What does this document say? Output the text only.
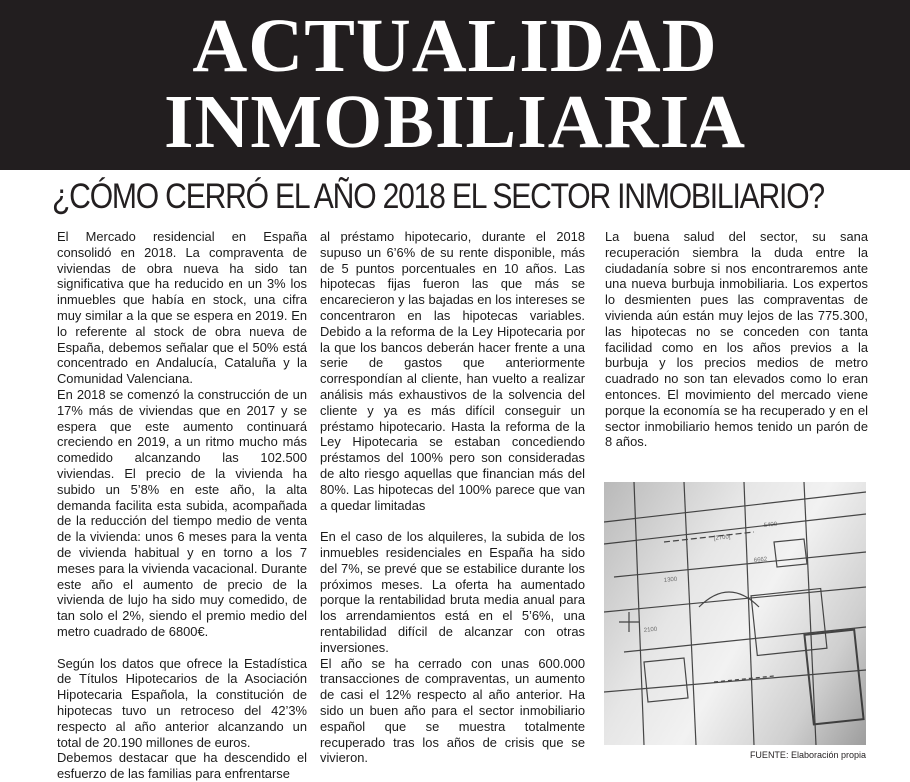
ACTUALIDAD
INMOBILIARIA
¿CÓMO CERRÓ EL AÑO 2018 EL SECTOR INMOBILIARIO?

El Mercado residencial en España consolidó en 2018. La compraventa de viviendas de obra nueva ha sido tan significativa que ha reducido en un 3% los inmuebles que había en stock, una cifra muy similar a la que se espera en 2019. En lo referente al stock de obra nueva de España, debemos señalar que el 50% está concentrado en Andalucía, Cataluña y la Comunidad Valenciana.

En 2018 se comenzó la construcción de un 17% más de viviendas que en 2017 y se espera que este aumento continuará creciendo en 2019, a un ritmo mucho más comedido alcanzando las 102.500 viviendas. El precio de la vivienda ha subido un 5’8% en este año, la alta demanda facilita esta subida, acompañada de la reducción del tiempo medio de venta de la vivienda: unos 6 meses para la venta de vivienda habitual y en torno a los 7 meses para la vivienda vacacional. Durante este año el aumento de precio de la vivienda de lujo ha sido muy comedido, de tan solo el 2%, siendo el premio medio del metro cuadrado de 6800€.

Según los datos que ofrece la Estadística de Títulos Hipotecarios de la Asociación Hipotecaria Española, la constitución de hipotecas tuvo un retroceso del 42’3% respecto al año anterior alcanzando un total de 20.190 millones de euros.

Debemos destacar que ha descendido el esfuerzo de las familias para enfrentarse

al préstamo hipotecario, durante el 2018 supuso un 6’6% de su rente disponible, más de 5 puntos porcentuales en 10 años. Las hipotecas fijas fueron las que más se encarecieron y las bajadas en los intereses se concentraron en las hipotecas variables. Debido a la reforma de la Ley Hipotecaria por la que los bancos deberán hacer frente a una serie de gastos que anteriormente correspondían al cliente, han vuelto a realizar análisis más exhaustivos de la solvencia del cliente y ya es más difícil conseguir un préstamo hipotecario. Hasta la reforma de la Ley Hipotecaria se estaban concediendo préstamos del 100% pero son consideradas de alto riesgo aquellas que financian más del 80%. Las hipotecas del 100% parece que van a quedar limitadas

En el caso de los alquileres, la subida de los inmuebles residenciales en España ha sido del 7%, se prevé que se estabilice durante los próximos meses. La oferta ha aumentado porque la rentabilidad bruta media anual para los arrendamientos está en el 5’6%, una rentabilidad difícil de alcanzar con otras inversiones.

El año se ha cerrado con unas 600.000 transacciones de compraventas, un aumento de casi el 12% respecto al año anterior. Ha sido un buen año para el sector inmobiliario español que se muestra totalmente recuperado tras los años de crisis que se vivieron.

La buena salud del sector, su sana recuperación siembra la duda entre la ciudadanía sobre si nos encontraremos ante una nueva burbuja inmobiliaria. Los expertos lo desmienten pues las compraventas de vivienda aún están muy lejos de las 775.300, las hipotecas no se conceden con tanta facilidad como en los años previos a la burbuja y los precios medios de metro cuadrado no son tan elevados como lo eran entonces. El movimiento del mercado viene porque la economía se ha recuperado y en el sector inmobiliario hemos tenido un parón de 8 años.

[2700]
5400
1300
6662
2100
FUENTE: Elaboración propia
